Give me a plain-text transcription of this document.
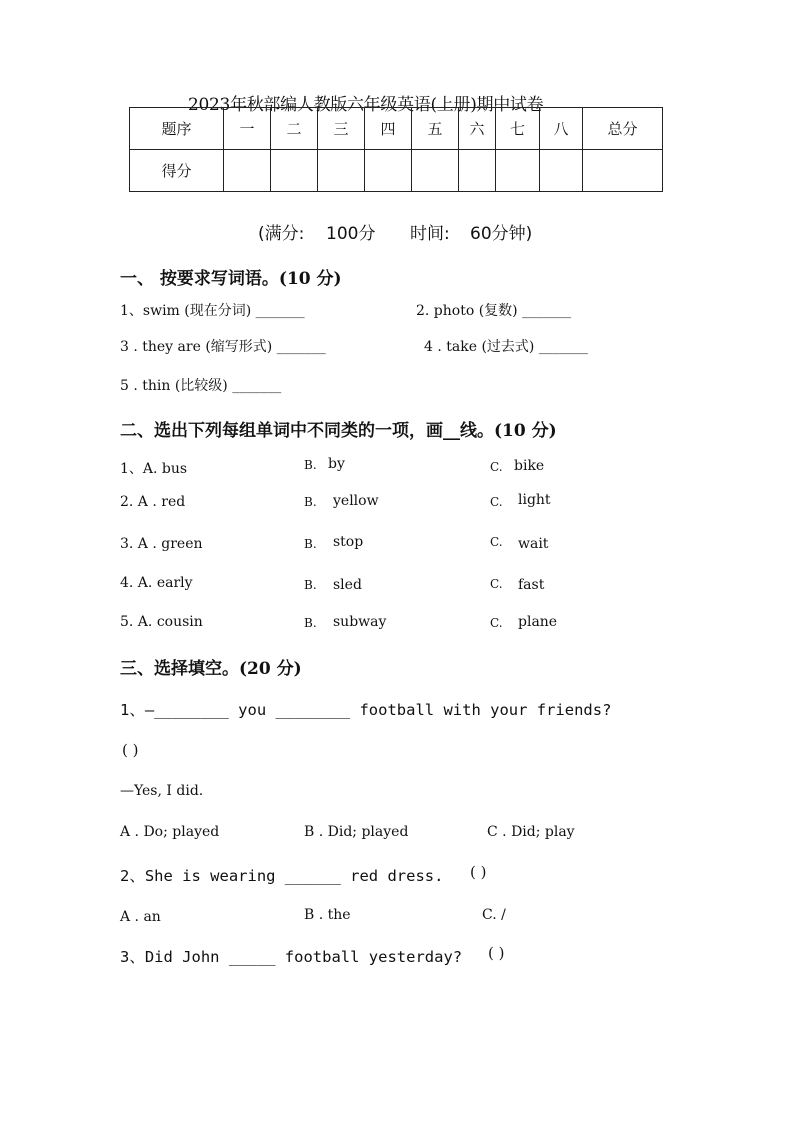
2023年秋部编人教版六年级英语(上册)期中试卷
题序	一	二	三	四	五	六	七	八	总分
得分									
(满分: 100分 时间: 60分钟)
一、 按要求写词语。(10 分)
1、swim (现在分词) _______	2. photo (复数) _______
3 . they are (缩写形式) _______	4 . take (过去式) _______
5 . thin (比较级) _______
二、选出下列每组单词中不同类的一项，画__线。(10 分)
1、A. bus	B. by	C. bike
2. A . red	B. yellow	C. light
3. A . green	B. stop	C. wait
4. A. early	B. sled	C. fast
5. A. cousin	B. subway	C. plane
三、选择填空。(20 分)
1、—________ you ________ football with your friends?
( )
—Yes, I did.
A . Do; played	B . Did; played	C . Did; play
2、She is wearing ______ red dress. ( )
A . an	B . the	C. /
3、Did John _____ football yesterday? ( )
